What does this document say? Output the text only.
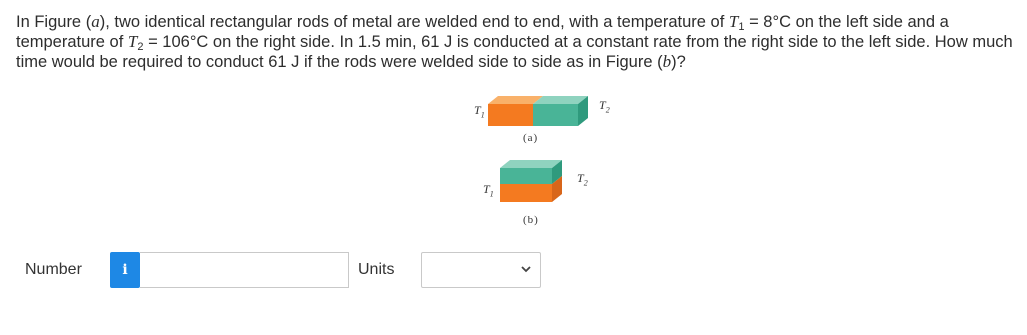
In Figure (a), two identical rectangular rods of metal are welded end to end, with a temperature of $T_1 = 8^\circ C$ on the left side and a temperature of $T_2 = 106^\circ C$ on the right side. In 1.5 min, 61 J is conducted at a constant rate from the right side to the left side. How much time would be required to conduct 61 J if the rods were welded side to side as in Figure (b)?
$T_1$
$T_2$
(a)
$T_1$
$T_2$
(b)
Number	i	Units
